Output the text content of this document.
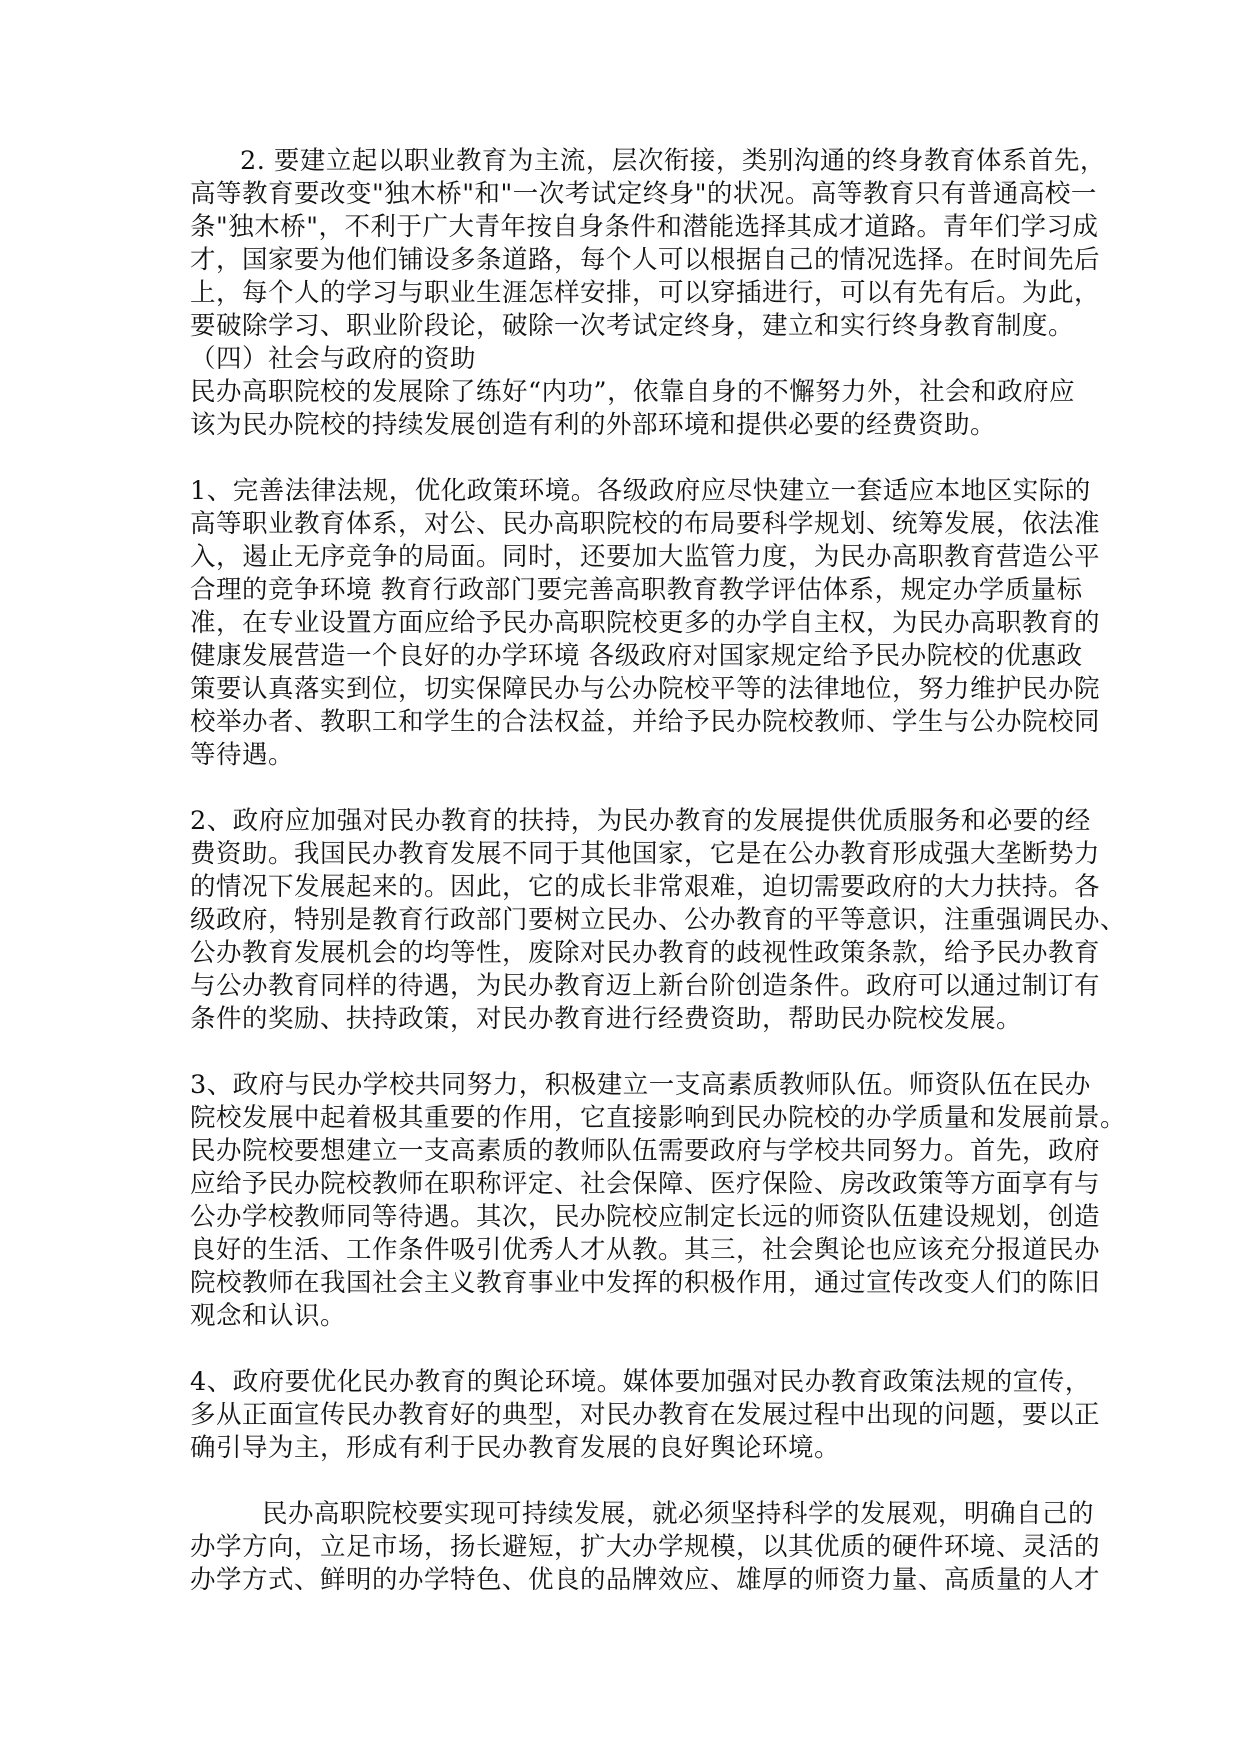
2. 要建立起以职业教育为主流，层次衔接，类别沟通的终身教育体系首先，
高等教育要改变"独木桥"和"一次考试定终身"的状况。高等教育只有普通高校一
条"独木桥"，不利于广大青年按自身条件和潜能选择其成才道路。青年们学习成
才，国家要为他们铺设多条道路，每个人可以根据自己的情况选择。在时间先后
上，每个人的学习与职业生涯怎样安排，可以穿插进行，可以有先有后。为此，
要破除学习、职业阶段论，破除一次考试定终身，建立和实行终身教育制度。
（四）社会与政府的资助
民办高职院校的发展除了练好“内功”，依靠自身的不懈努力外，社会和政府应
该为民办院校的持续发展创造有利的外部环境和提供必要的经费资助。
1、完善法律法规，优化政策环境。各级政府应尽快建立一套适应本地区实际的
高等职业教育体系，对公、民办高职院校的布局要科学规划、统筹发展，依法准
入，遏止无序竞争的局面。同时，还要加大监管力度，为民办高职教育营造公平
合理的竞争环境 教育行政部门要完善高职教育教学评估体系，规定办学质量标
准，在专业设置方面应给予民办高职院校更多的办学自主权，为民办高职教育的
健康发展营造一个良好的办学环境 各级政府对国家规定给予民办院校的优惠政
策要认真落实到位，切实保障民办与公办院校平等的法律地位，努力维护民办院
校举办者、教职工和学生的合法权益，并给予民办院校教师、学生与公办院校同
等待遇。
2、政府应加强对民办教育的扶持，为民办教育的发展提供优质服务和必要的经
费资助。我国民办教育发展不同于其他国家，它是在公办教育形成强大垄断势力
的情况下发展起来的。因此，它的成长非常艰难，迫切需要政府的大力扶持。各
级政府，特别是教育行政部门要树立民办、公办教育的平等意识，注重强调民办、
公办教育发展机会的均等性，废除对民办教育的歧视性政策条款，给予民办教育
与公办教育同样的待遇，为民办教育迈上新台阶创造条件。政府可以通过制订有
条件的奖励、扶持政策，对民办教育进行经费资助，帮助民办院校发展。
3、政府与民办学校共同努力，积极建立一支高素质教师队伍。师资队伍在民办
院校发展中起着极其重要的作用，它直接影响到民办院校的办学质量和发展前景。
民办院校要想建立一支高素质的教师队伍需要政府与学校共同努力。首先，政府
应给予民办院校教师在职称评定、社会保障、医疗保险、房改政策等方面享有与
公办学校教师同等待遇。其次，民办院校应制定长远的师资队伍建设规划，创造
良好的生活、工作条件吸引优秀人才从教。其三，社会舆论也应该充分报道民办
院校教师在我国社会主义教育事业中发挥的积极作用，通过宣传改变人们的陈旧
观念和认识。
4、政府要优化民办教育的舆论环境。媒体要加强对民办教育政策法规的宣传，
多从正面宣传民办教育好的典型，对民办教育在发展过程中出现的问题，要以正
确引导为主，形成有利于民办教育发展的良好舆论环境。
民办高职院校要实现可持续发展，就必须坚持科学的发展观，明确自己的
办学方向，立足市场，扬长避短，扩大办学规模，以其优质的硬件环境、灵活的
办学方式、鲜明的办学特色、优良的品牌效应、雄厚的师资力量、高质量的人才
